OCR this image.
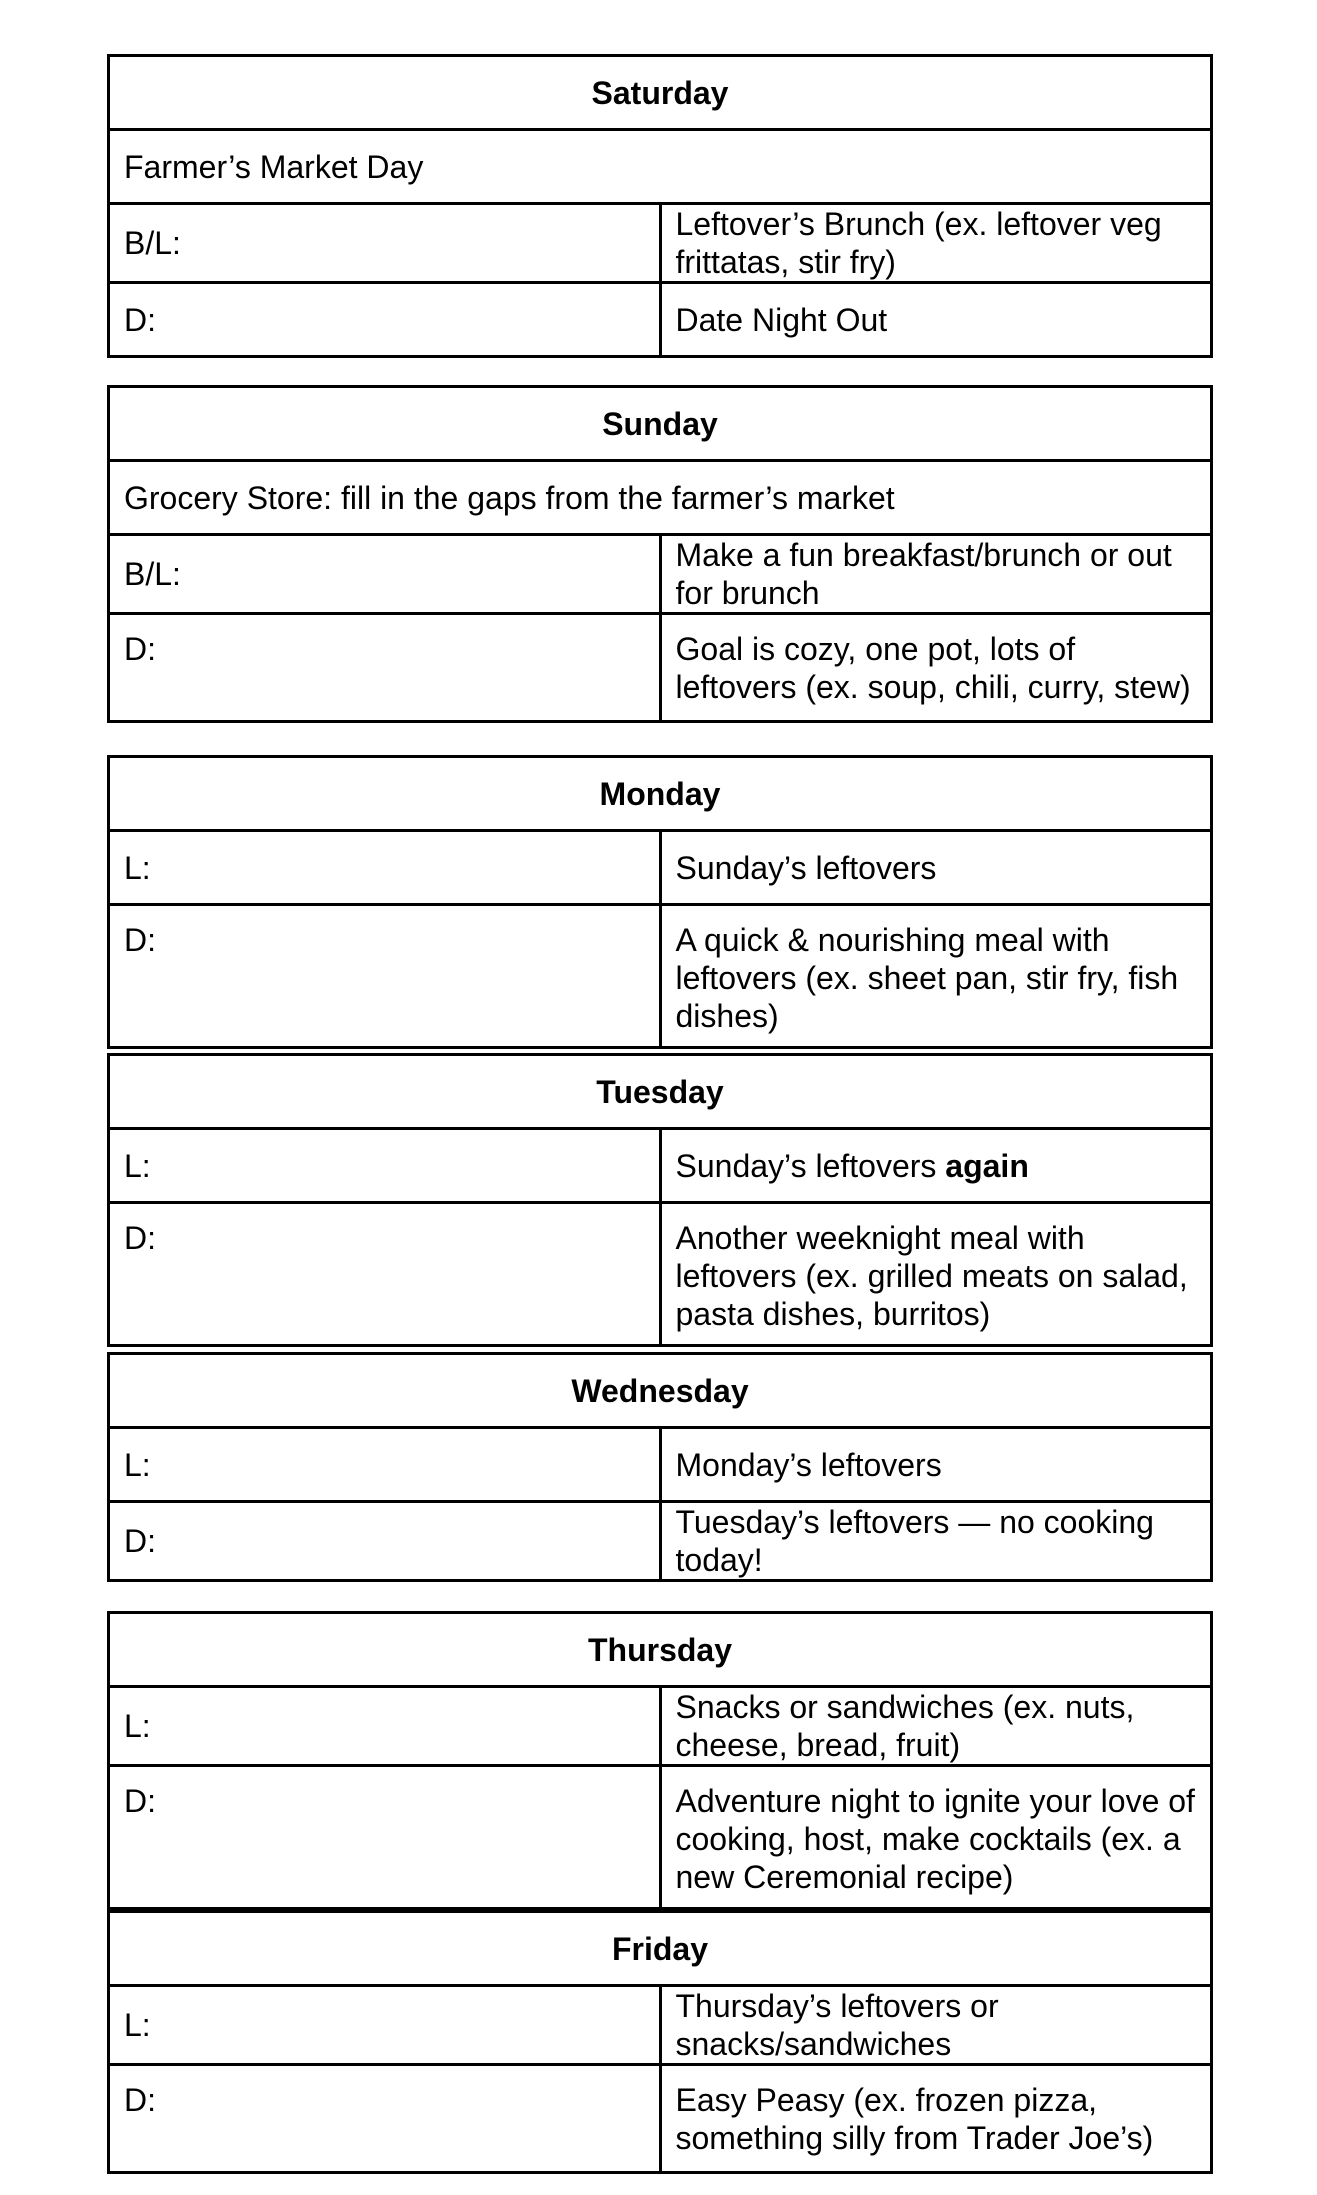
Saturday	
Farmer’s Market Day	
B/L:	Leftover’s Brunch (ex. leftover veg frittatas, stir fry)
D:	Date Night Out
Sunday	
Grocery Store: fill in the gaps from the farmer’s market	
B/L:	Make a fun breakfast/brunch or out for brunch
D:	Goal is cozy, one pot, lots of leftovers (ex. soup, chili, curry, stew)
Monday	
L:	Sunday’s leftovers
D:	A quick & nourishing meal with leftovers (ex. sheet pan, stir fry, fish dishes)
Tuesday	
L:	Sunday’s leftovers again
D:	Another weeknight meal with leftovers (ex. grilled meats on salad, pasta dishes, burritos)
Wednesday	
L:	Monday’s leftovers
D:	Tuesday’s leftovers — no cooking today!
Thursday	
L:	Snacks or sandwiches (ex. nuts, cheese, bread, fruit)
D:	Adventure night to ignite your love of cooking, host, make cocktails (ex. a new Ceremonial recipe)
Friday	
L:	Thursday’s leftovers or snacks/sandwiches
D:	Easy Peasy (ex. frozen pizza, something silly from Trader Joe’s)
